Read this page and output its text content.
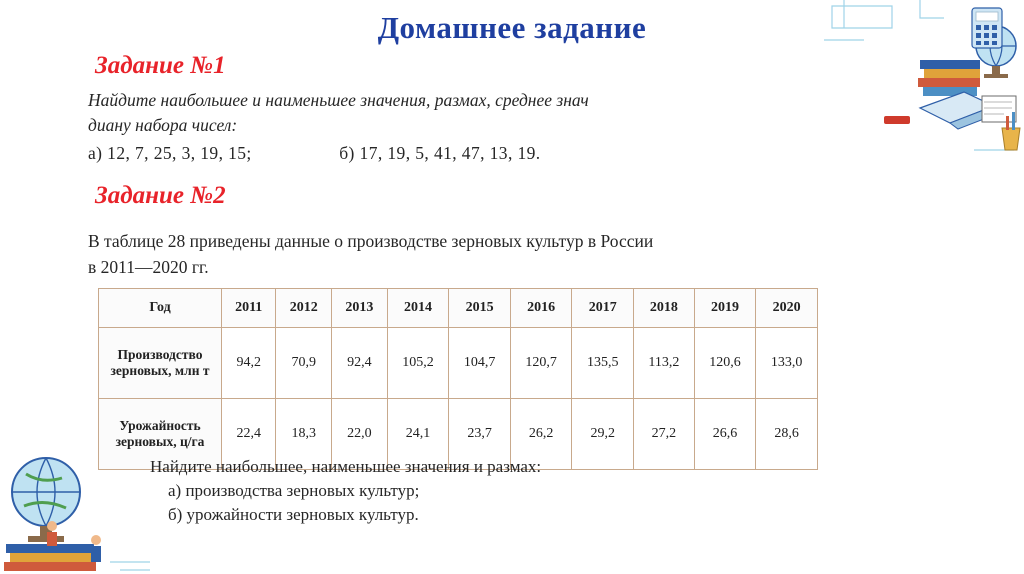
Домашнее задание
Задание №1
Найдите наибольшее и наименьшее значения, размах, среднее знач
диану набора чисел:
а) 12, 7, 25, 3, 19, 15;	б) 17, 19, 5, 41, 47, 13, 19.
Задание №2
В таблице 28 приведены данные о производстве зерновых культур в России
в 2011—2020 гг.
Год	2011	2012	2013	2014	2015	2016	2017	2018	2019	2020
Производство зерновых, млн т	94,2	70,9	92,4	105,2	104,7	120,7	135,5	113,2	120,6	133,0
Урожайность зерновых, ц/га	22,4	18,3	22,0	24,1	23,7	26,2	29,2	27,2	26,6	28,6
Найдите наибольшее, наименьшее значения и размах:
а) производства зерновых культур;
б) урожайности зерновых культур.
